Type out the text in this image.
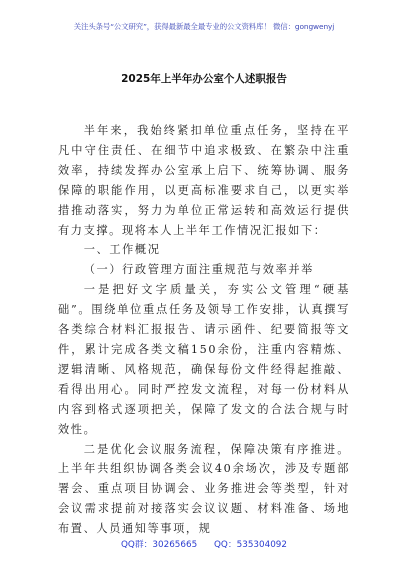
关注头条号“公文研究”，获得最新最全最专业的公文资料库！ 微信：gongwenyj
2025年上半年办公室个人述职报告

半年来，我始终紧扣单位重点任务，坚持在平凡中守住责任、在细节中追求极致、在繁杂中注重效率，持续发挥办公室承上启下、统筹协调、服务保障的职能作用，以更高标准要求自己，以更实举措推动落实，努力为单位正常运转和高效运行提供有力支撑。现将本人上半年工作情况汇报如下：

一、工作概况

（一）行政管理方面注重规范与效率并举

一是把好文字质量关，夯实公文管理“硬基础”。围绕单位重点任务及领导工作安排，认真撰写各类综合材料汇报报告、请示函件、纪要简报等文件，累计完成各类文稿150余份，注重内容精炼、逻辑清晰、风格规范，确保每份文件经得起推敲、看得出用心。同时严控发文流程，对每一份材料从内容到格式逐项把关，保障了发文的合法合规与时效性。

二是优化会议服务流程，保障决策有序推进。上半年共组织协调各类会议40余场次，涉及专题部署会、重点项目协调会、业务推进会等类型，针对会议需求提前对接落实会议议题、材料准备、场地布置、人员通知等事项，规

QQ群：30265665 QQ：535304092
